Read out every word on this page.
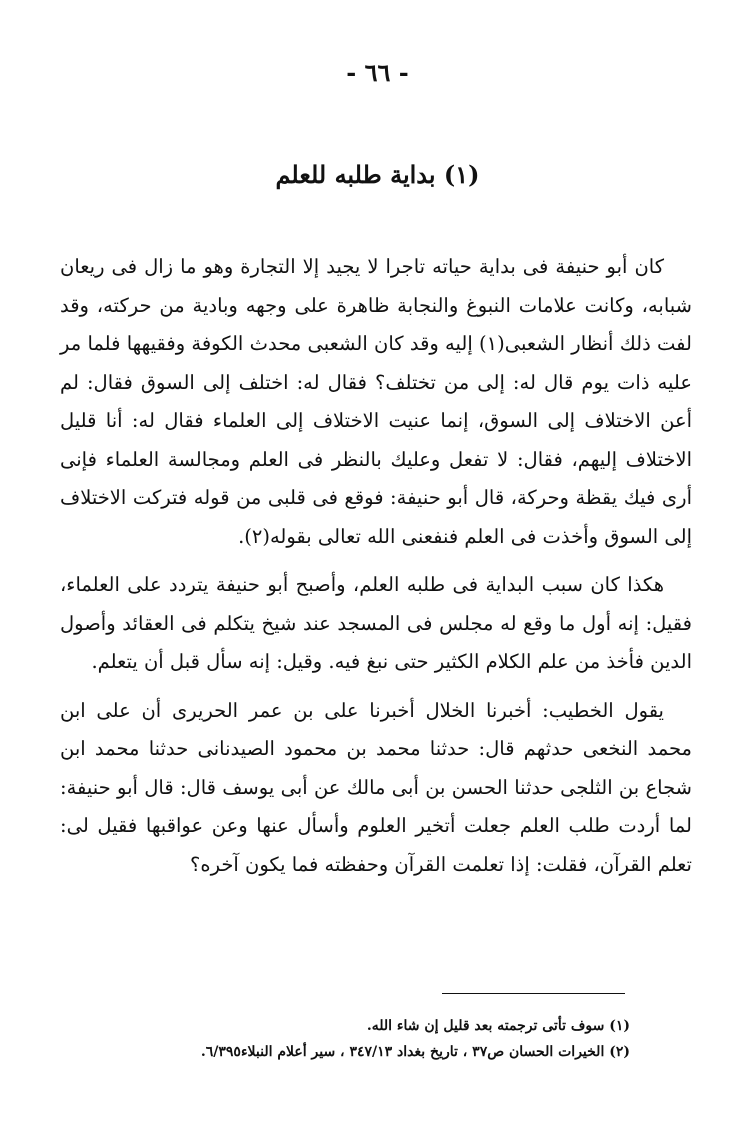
- ٦٦ -
(١) بداية طلبه للعلم

كان أبو حنيفة فى بداية حياته تاجرا لا يجيد إلا التجارة وهو ما زال فى ريعان شبابه، وكانت علامات النبوغ والنجابة ظاهرة على وجهه وبادية من حركته، وقد لفت ذلك أنظار الشعبى(١) إليه وقد كان الشعبى محدث الكوفة وفقيهها فلما مر عليه ذات يوم قال له: إلى من تختلف؟ فقال له: اختلف إلى السوق فقال: لم أعن الاختلاف إلى السوق، إنما عنيت الاختلاف إلى العلماء فقال له: أنا قليل الاختلاف إليهم، فقال: لا تفعل وعليك بالنظر فى العلم ومجالسة العلماء فإنى أرى فيك يقظة وحركة، قال أبو حنيفة: فوقع فى قلبى من قوله فتركت الاختلاف إلى السوق وأخذت فى العلم فنفعنى الله تعالى بقوله(٢).

هكذا كان سبب البداية فى طلبه العلم، وأصبح أبو حنيفة يتردد على العلماء، فقيل: إنه أول ما وقع له مجلس فى المسجد عند شيخ يتكلم فى العقائد وأصول الدين فأخذ من علم الكلام الكثير حتى نبغ فيه. وقيل: إنه سأل قبل أن يتعلم.

يقول الخطيب: أخبرنا الخلال أخبرنا على بن عمر الحريرى أن على ابن محمد النخعى حدثهم قال: حدثنا محمد بن محمود الصيدنانى حدثنا محمد ابن شجاع بن الثلجى حدثنا الحسن بن أبى مالك عن أبى يوسف قال: قال أبو حنيفة: لما أردت طلب العلم جعلت أتخير العلوم وأسأل عنها وعن عواقبها فقيل لى: تعلم القرآن، فقلت: إذا تعلمت القرآن وحفظته فما يكون آخره؟

(١) سوف تأتى ترجمته بعد قليل إن شاء الله.
(٢) الخيرات الحسان ص٣٧ ، تاريخ بغداد ٣٤٧/١٣ ، سير أعلام النبلاء٦/٣٩٥.
